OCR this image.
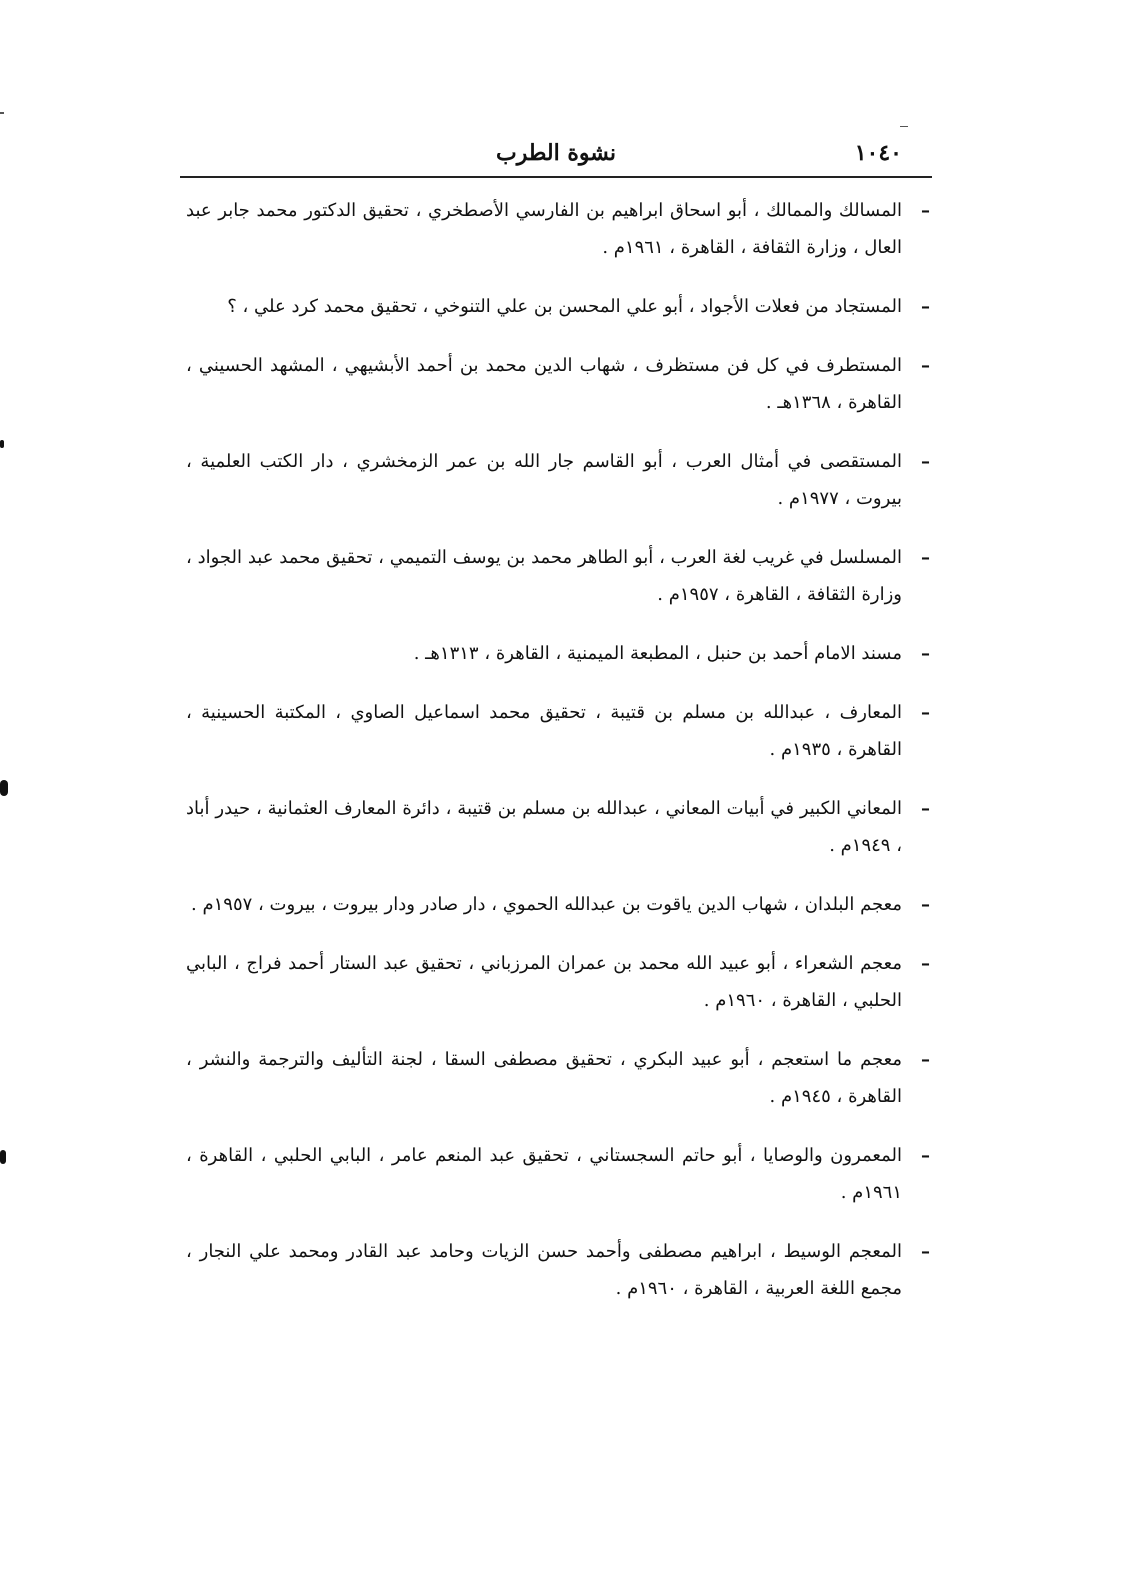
١٠٤٠
نشوة الطرب
–
المسالك والممالك ، أبو اسحاق ابراهيم بن الفارسي الأصطخري ، تحقيق الدكتور محمد جابر عبد العال ، وزارة الثقافة ، القاهرة ، ١٩٦١م .
–
المستجاد من فعلات الأجواد ، أبو علي المحسن بن علي التنوخي ، تحقيق محمد كرد علي ، ؟
–
المستطرف في كل فن مستظرف ، شهاب الدين محمد بن أحمد الأبشيهي ، المشهد الحسيني ، القاهرة ، ١٣٦٨هـ .
–
المستقصى في أمثال العرب ، أبو القاسم جار الله بن عمر الزمخشري ، دار الكتب العلمية ، بيروت ، ١٩٧٧م .
–
المسلسل في غريب لغة العرب ، أبو الطاهر محمد بن يوسف التميمي ، تحقيق محمد عبد الجواد ، وزارة الثقافة ، القاهرة ، ١٩٥٧م .
–
مسند الامام أحمد بن حنبل ، المطبعة الميمنية ، القاهرة ، ١٣١٣هـ .
–
المعارف ، عبدالله بن مسلم بن قتيبة ، تحقيق محمد اسماعيل الصاوي ، المكتبة الحسينية ، القاهرة ، ١٩٣٥م .
–
المعاني الكبير في أبيات المعاني ، عبدالله بن مسلم بن قتيبة ، دائرة المعارف العثمانية ، حيدر أباد ، ١٩٤٩م .
–
معجم البلدان ، شهاب الدين ياقوت بن عبدالله الحموي ، دار صادر ودار بيروت ، بيروت ، ١٩٥٧م .
–
معجم الشعراء ، أبو عبيد الله محمد بن عمران المرزباني ، تحقيق عبد الستار أحمد فراج ، البابي الحلبي ، القاهرة ، ١٩٦٠م .
–
معجم ما استعجم ، أبو عبيد البكري ، تحقيق مصطفى السقا ، لجنة التأليف والترجمة والنشر ، القاهرة ، ١٩٤٥م .
–
المعمرون والوصايا ، أبو حاتم السجستاني ، تحقيق عبد المنعم عامر ، البابي الحلبي ، القاهرة ، ١٩٦١م .
–
المعجم الوسيط ، ابراهيم مصطفى وأحمد حسن الزيات وحامد عبد القادر ومحمد علي النجار ، مجمع اللغة العربية ، القاهرة ، ١٩٦٠م .
